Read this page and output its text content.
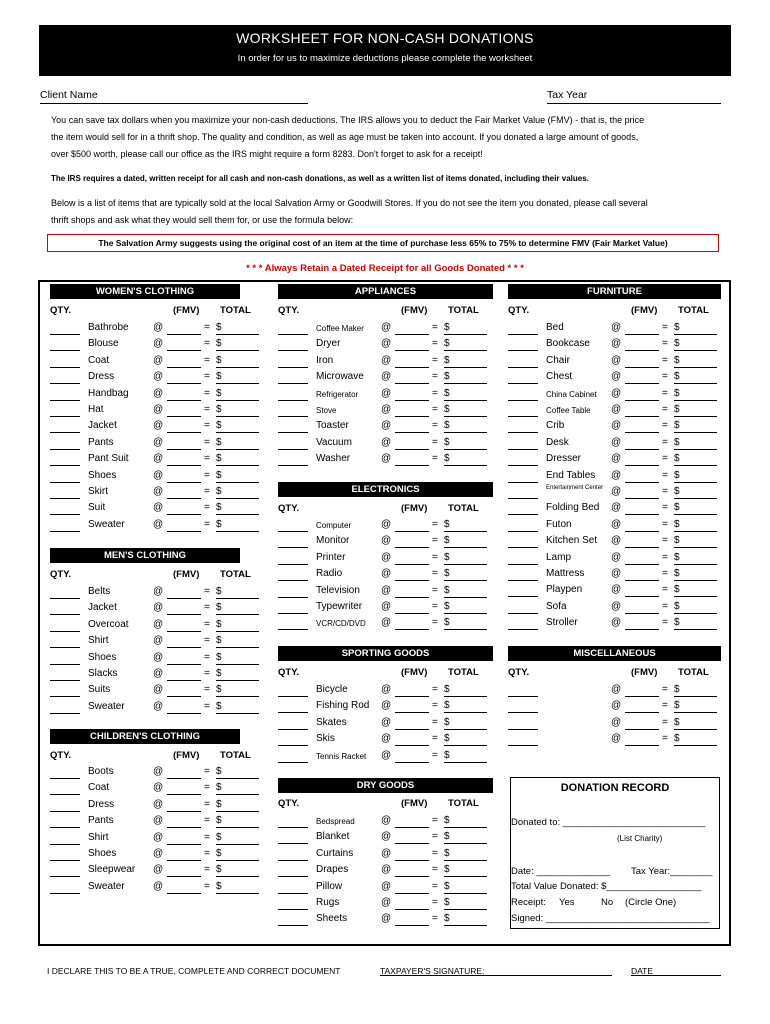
WORKSHEET FOR NON-CASH DONATIONS
In order for us to maximize deductions please complete the worksheet
Client Name	Tax Year
You can save tax dollars when you maximize your non-cash deductions. The IRS allows you to deduct the Fair Market Value (FMV) - that is, the price
the item would sell for in a thrift shop. The quality and condition, as well as age must be taken into account. If you donated a large amount of goods,
over $500 worth, please call our office as the IRS might require a form 8283. Don't forget to ask for a receipt!
The IRS requires a dated, written receipt for all cash and non-cash donations, as well as a written list of items donated, including their values.
Below is a list of items that are typically sold at the local Salvation Army or Goodwill Stores. If you do not see the item you donated, please call several
thrift shops and ask what they would sell them for, or use the formula below:
The Salvation Army suggests using the original cost of an item at the time of purchase less 65% to 75% to determine FMV (Fair Market Value)
* * * Always Retain a Dated Receipt for all Goods Donated * * *
WOMEN'S CLOTHING
QTY.	(FMV) TOTAL
Bathrobe @	= $
Blouse	@	= $
Coat	@	= $
Dress	@	= $
Handbag @	= $
Hat	@	= $
Jacket	@	= $
Pants	@	= $
Pant Suit @	= $
Shoes	@	= $
Skirt	@	= $
Suit	@	= $
Sweater	@	= $
MEN'S CLOTHING
QTY.	(FMV) TOTAL
Belts	@	= $
Jacket	@	= $
Overcoat @	= $
Shirt	@	= $
Shoes	@	= $
Slacks	@	= $
Suits	@	= $
Sweater	@	= $
CHILDREN'S CLOTHING
QTY.	(FMV) TOTAL
Boots	@	= $
Coat	@	= $
Dress	@	= $
Pants	@	= $
Shirt	@	= $
Shoes	@	= $
Sleepwear @	= $
Sweater	@	= $
APPLIANCES
QTY.	(FMV) TOTAL
Coffee Maker @	= $
Dryer	@	= $
Iron	@	= $
Microwave @	= $
Refrigerator @	= $
Stove	@	= $
Toaster	@	= $
Vacuum	@	= $
Washer	@	= $
ELECTRONICS
QTY.	(FMV) TOTAL
Computer	@	= $
Monitor	@	= $
Printer	@	= $
Radio	@	= $
Television @	= $
Typewriter @	= $
VCR/CD/DVD @	= $
SPORTING GOODS
QTY.	(FMV) TOTAL
Bicycle	@	= $
Fishing Rod @	= $
Skates	@	= $
Skis	@	= $
Tennis Racket @	= $
DRY GOODS
QTY.	(FMV) TOTAL
Bedspread	@	= $
Blanket	@	= $
Curtains	@	= $
Drapes	@	= $
Pillow	@	= $
Rugs	@	= $
Sheets	@	= $
FURNITURE
QTY.	(FMV) TOTAL
Bed	@	= $
Bookcase @	= $
Chair	@	= $
Chest	@	= $
China Cabinet @	= $
Coffee Table @	= $
Crib	@	= $
Desk	@	= $
Dresser	@	= $
End Tables @	= $
Entertainment Center @	= $
Folding Bed @	= $
Futon	@	= $
Kitchen Set @	= $
Lamp	@	= $
Mattress	@	= $
Playpen	@	= $
Sofa	@	= $
Stroller	@	= $
MISCELLANEOUS
QTY.	(FMV) TOTAL
@	= $
@	= $
@	= $
@	= $
DONATION RECORD
Donated to: ___________________________
(List Charity)
Date: ______________ Tax Year:________
Total Value Donated: $__________________
Receipt: Yes	No (Circle One)
Signed: _______________________________
I DECLARE THIS TO BE A TRUE, COMPLETE AND CORRECT DOCUMENT	TAXPAYER'S SIGNATURE:	DATE
